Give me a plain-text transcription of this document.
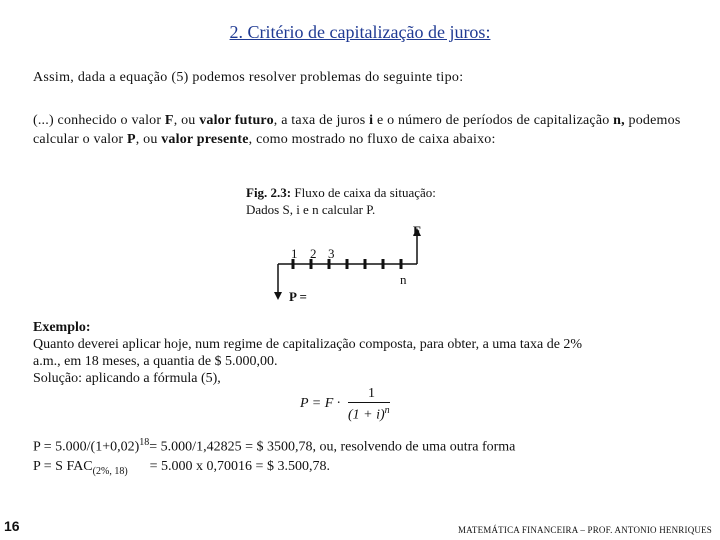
2. Critério de capitalização de juros:
Assim, dada a equação (5) podemos resolver problemas do seguinte tipo:
(...) conhecido o valor F, ou valor futuro, a taxa de juros i e o número de períodos de capitalização n, podemos calcular o valor P, ou valor presente, como mostrado no fluxo de caixa abaixo:
Fig. 2.3: Fluxo de caixa da situação:
Dados S, i e n calcular P.
F
1 2 3
n
P =
Exemplo:
Quanto deverei aplicar hoje, num regime de capitalização composta, para obter, a uma taxa de 2%
a.m., em 18 meses, a quantia de $ 5.000,00.
Solução: aplicando a fórmula (5),
P = F ·
1
$(1 + i)^n$
$P = 5.000/(1+0,02)^{18}= 5.000/1,42825$ = $ 3500,78, ou, resolvendo de uma outra forma
P = S $FAC_{(2\%, 18)} = 5.000$ x 0,70016 = $ 3.500,78.
16	MATEMÁTICA FINANCEIRA – PROF. ANTONIO HENRIQUES
